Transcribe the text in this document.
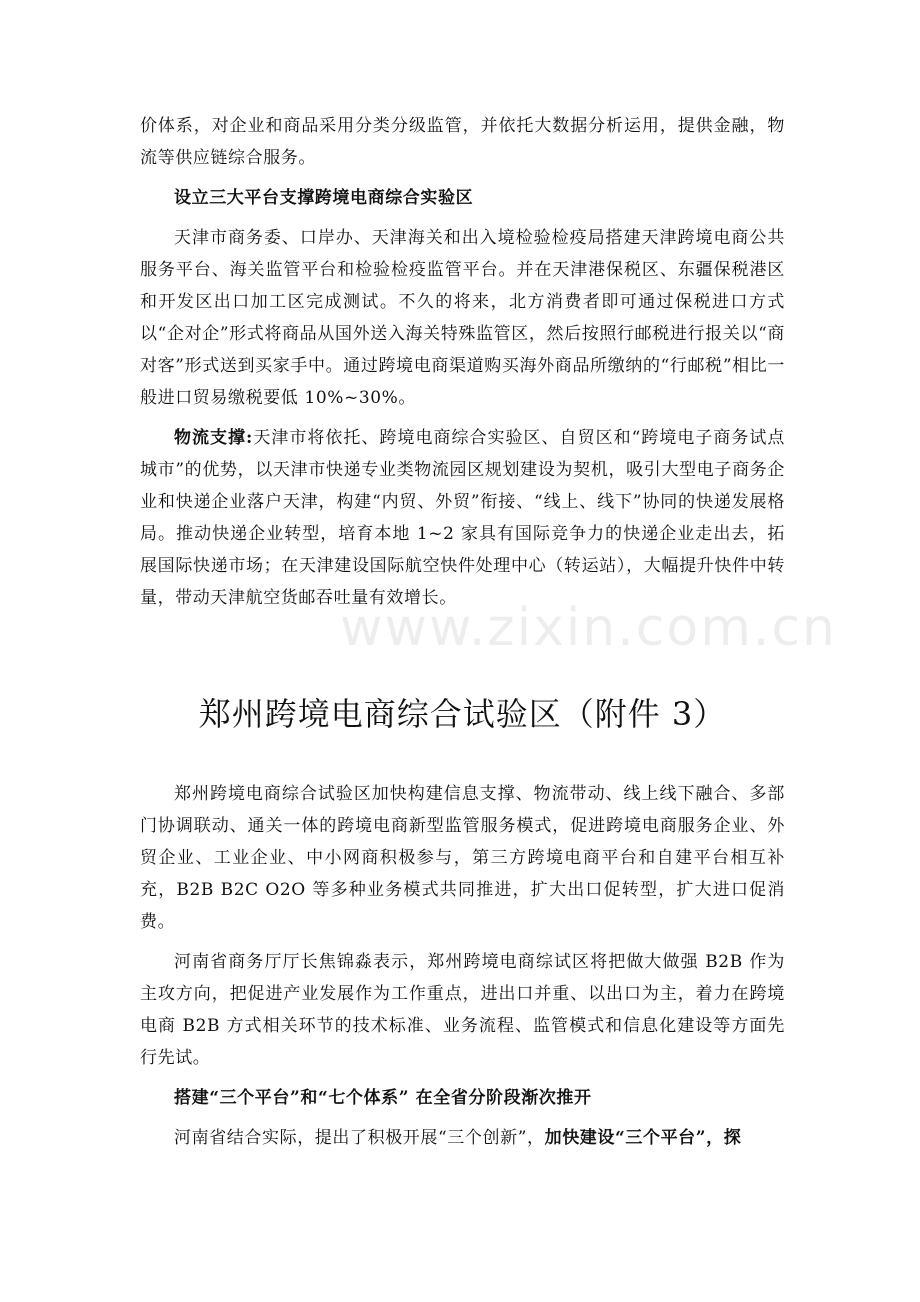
www.zixin.com.cn

价体系，对企业和商品采用分类分级监管，并依托大数据分析运用，提供金融，物流等供应链综合服务。

设立三大平台支撑跨境电商综合实验区

天津市商务委、口岸办、天津海关和出入境检验检疫局搭建天津跨境电商公共服务平台、海关监管平台和检验检疫监管平台。并在天津港保税区、东疆保税港区和开发区出口加工区完成测试。不久的将来，北方消费者即可通过保税进口方式以“企对企”形式将商品从国外送入海关特殊监管区，然后按照行邮税进行报关以“商对客”形式送到买家手中。通过跨境电商渠道购买海外商品所缴纳的“行邮税”相比一般进口贸易缴税要低 10%~30%。

物流支撑:天津市将依托、跨境电商综合实验区、自贸区和“跨境电子商务试点城市”的优势，以天津市快递专业类物流园区规划建设为契机，吸引大型电子商务企业和快递企业落户天津，构建“内贸、外贸”衔接、“线上、线下”协同的快递发展格局。推动快递企业转型，培育本地 1~2 家具有国际竞争力的快递企业走出去，拓展国际快递市场；在天津建设国际航空快件处理中心（转运站），大幅提升快件中转量，带动天津航空货邮吞吐量有效增长。

郑州跨境电商综合试验区（附件 3）

郑州跨境电商综合试验区加快构建信息支撑、物流带动、线上线下融合、多部门协调联动、通关一体的跨境电商新型监管服务模式，促进跨境电商服务企业、外贸企业、工业企业、中小网商积极参与，第三方跨境电商平台和自建平台相互补充，B2B B2C O2O 等多种业务模式共同推进，扩大出口促转型，扩大进口促消费。

河南省商务厅厅长焦锦淼表示，郑州跨境电商综试区将把做大做强 B2B 作为主攻方向，把促进产业发展作为工作重点，进出口并重、以出口为主，着力在跨境电商 B2B 方式相关环节的技术标准、业务流程、监管模式和信息化建设等方面先行先试。

搭建“三个平台”和“七个体系” 在全省分阶段渐次推开

河南省结合实际，提出了积极开展“三个创新”，加快建设“三个平台”，探
